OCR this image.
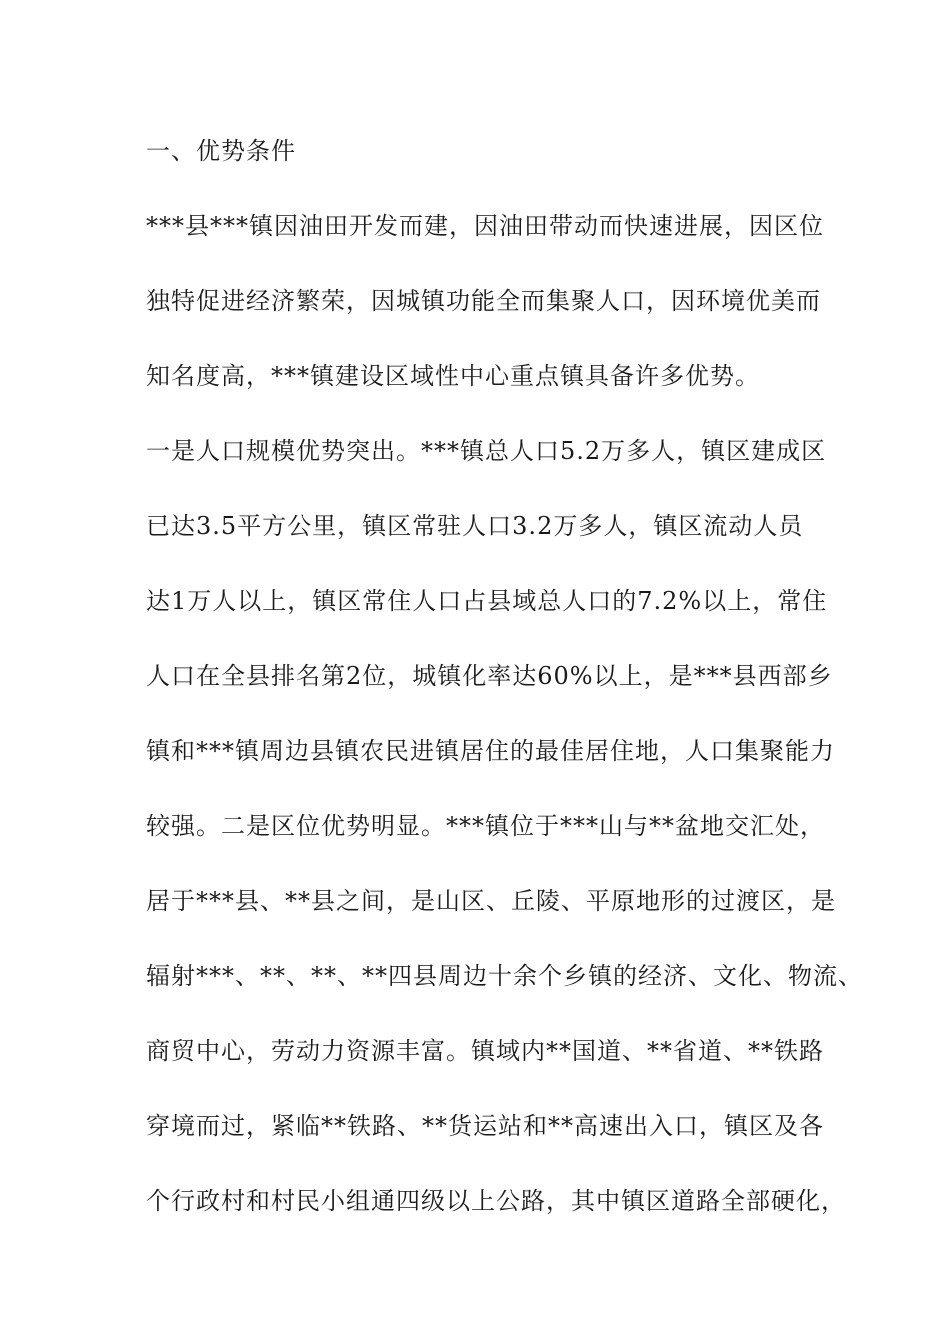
一、优势条件
***县***镇因油田开发而建，因油田带动而快速进展，因区位
独特促进经济繁荣，因城镇功能全而集聚人口，因环境优美而
知名度高，***镇建设区域性中心重点镇具备许多优势。
一是人口规模优势突出。***镇总人口5.2万多人，镇区建成区
已达3.5平方公里，镇区常驻人口3.2万多人，镇区流动人员
达1万人以上，镇区常住人口占县域总人口的7.2%以上，常住
人口在全县排名第2位，城镇化率达60%以上，是***县西部乡
镇和***镇周边县镇农民进镇居住的最佳居住地，人口集聚能力
较强。二是区位优势明显。***镇位于***山与**盆地交汇处，
居于***县、**县之间，是山区、丘陵、平原地形的过渡区，是
辐射***、**、**、**四县周边十余个乡镇的经济、文化、物流、
商贸中心，劳动力资源丰富。镇域内**国道、**省道、**铁路
穿境而过，紧临**铁路、**货运站和**高速出入口，镇区及各
个行政村和村民小组通四级以上公路，其中镇区道路全部硬化，
